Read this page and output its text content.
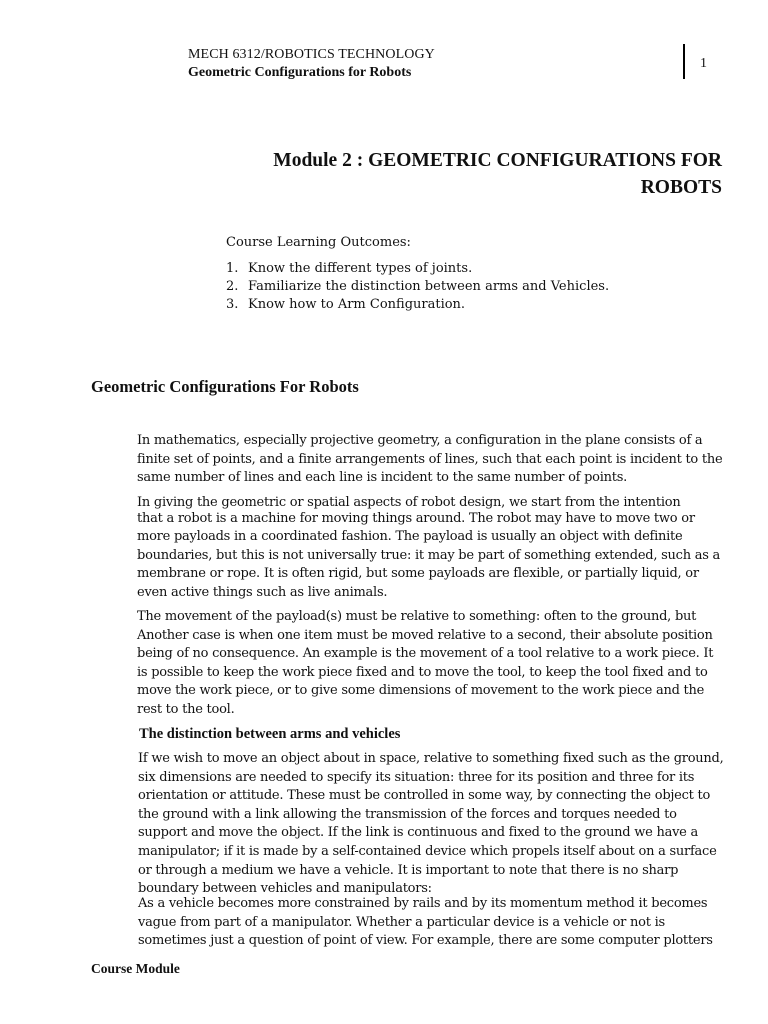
MECH 6312/ROBOTICS TECHNOLOGY
Geometric Configurations for Robots
1
Module 2 : GEOMETRIC CONFIGURATIONS FOR
ROBOTS
Course Learning Outcomes:
1. Know the different types of joints.
2. Familiarize the distinction between arms and Vehicles.
3. Know how to Arm Configuration.
Geometric Configurations For Robots
In mathematics, especially projective geometry, a configuration in the plane consists of a
finite set of points, and a finite arrangements of lines, such that each point is incident to the
same number of lines and each line is incident to the same number of points.
In giving the geometric or spatial aspects of robot design, we start from the intention
that a robot is a machine for moving things around. The robot may have to move two or
more payloads in a coordinated fashion. The payload is usually an object with definite
boundaries, but this is not universally true: it may be part of something extended, such as a
membrane or rope. It is often rigid, but some payloads are flexible, or partially liquid, or
even active things such as live animals.
The movement of the payload(s) must be relative to something: often to the ground, but
Another case is when one item must be moved relative to a second, their absolute position
being of no consequence. An example is the movement of a tool relative to a work piece. It
is possible to keep the work piece fixed and to move the tool, to keep the tool fixed and to
move the work piece, or to give some dimensions of movement to the work piece and the
rest to the tool.
The distinction between arms and vehicles
If we wish to move an object about in space, relative to something fixed such as the ground,
six dimensions are needed to specify its situation: three for its position and three for its
orientation or attitude. These must be controlled in some way, by connecting the object to
the ground with a link allowing the transmission of the forces and torques needed to
support and move the object. If the link is continuous and fixed to the ground we have a
manipulator; if it is made by a self-contained device which propels itself about on a surface
or through a medium we have a vehicle. It is important to note that there is no sharp
boundary between vehicles and manipulators:
As a vehicle becomes more constrained by rails and by its momentum method it becomes
vague from part of a manipulator. Whether a particular device is a vehicle or not is
sometimes just a question of point of view. For example, there are some computer plotters
Course Module
